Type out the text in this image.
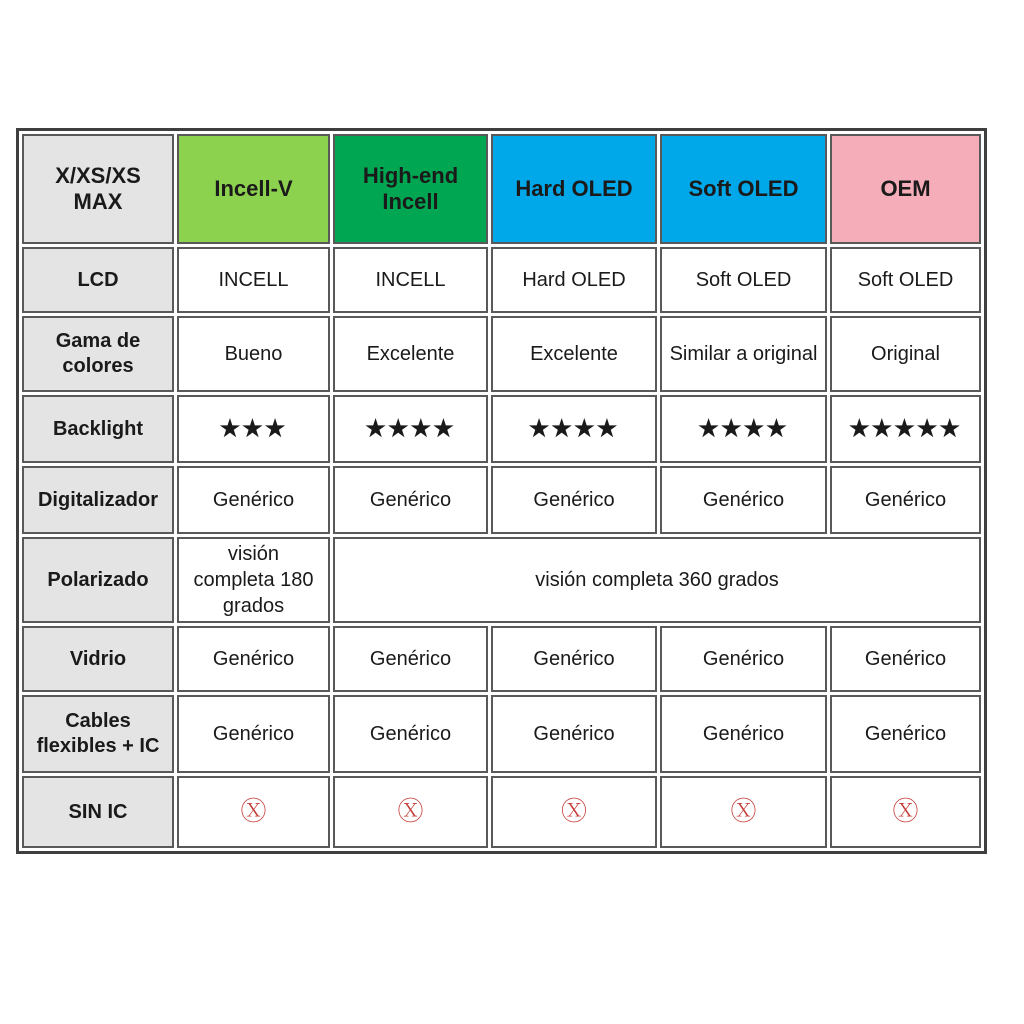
X/XS/XS MAX	Incell-V	High-end Incell	Hard OLED	Soft OLED	OEM
LCD	INCELL	INCELL	Hard OLED	Soft OLED	Soft OLED
Gama de colores	Bueno	Excelente	Excelente	Similar a original	Original
Backlight	★★★	★★★★	★★★★	★★★★	★★★★★
Digitalizador	Genérico	Genérico	Genérico	Genérico	Genérico
Polarizado	visión completa 180 grados	visión completa 360 grados			
Vidrio	Genérico	Genérico	Genérico	Genérico	Genérico
Cables flexibles + IC	Genérico	Genérico	Genérico	Genérico	Genérico
SIN IC	Ⓧ	Ⓧ	Ⓧ	Ⓧ	Ⓧ
